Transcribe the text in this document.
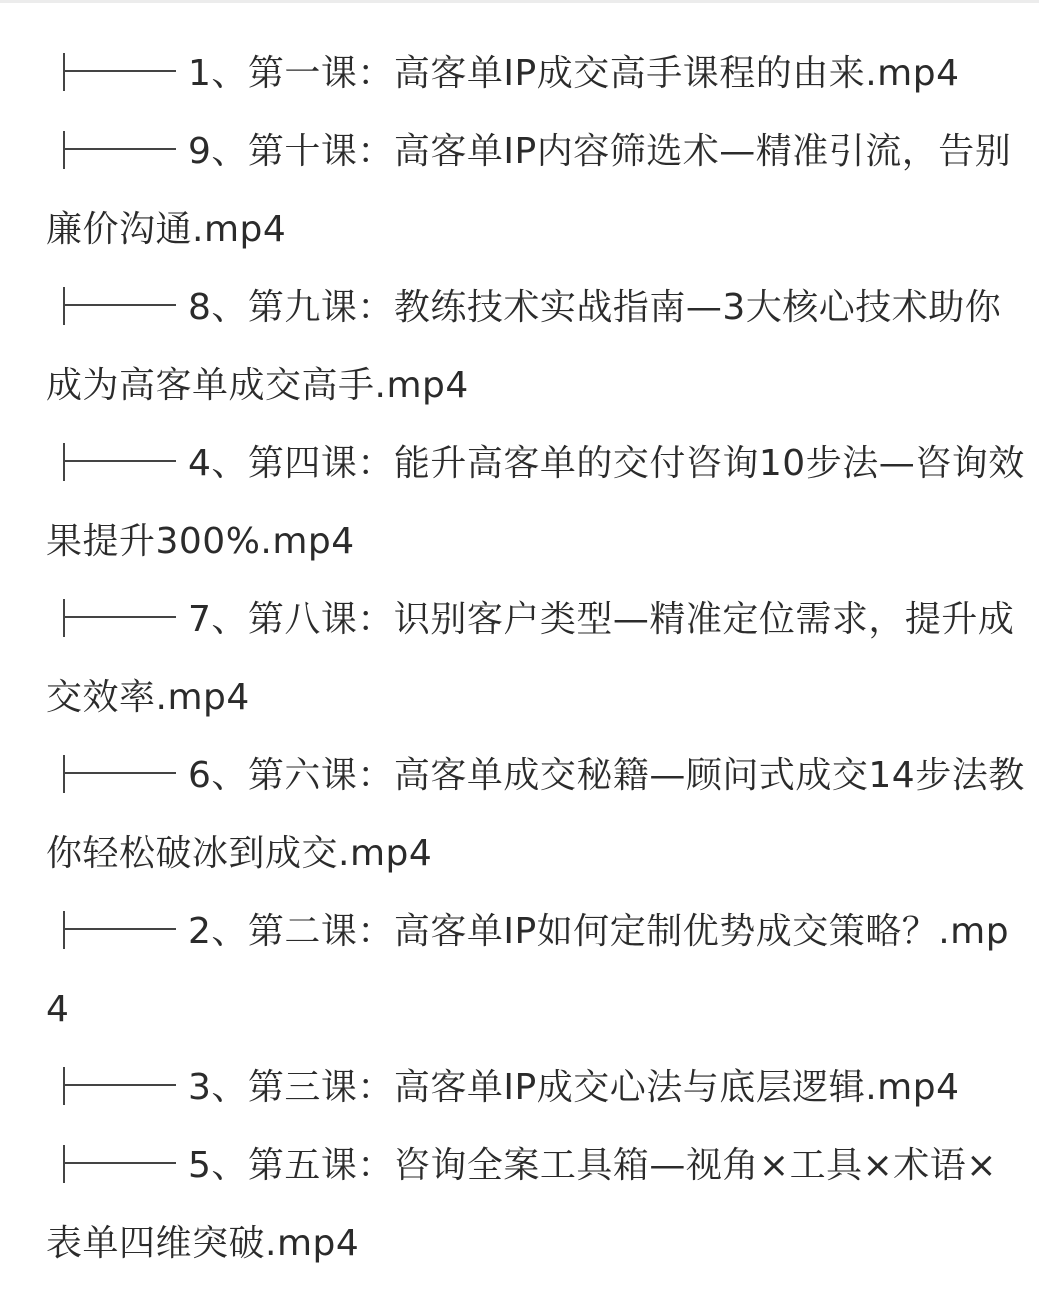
1、第一课：高客单IP成交高手课程的由来.mp4
9、第十课：高客单IP内容筛选术—精准引流，告别廉价沟通.mp4
8、第九课：教练技术实战指南—3大核心技术助你成为高客单成交高手.mp4
4、第四课：能升高客单的交付咨询10步法—咨询效果提升300%.mp4
7、第八课：识别客户类型—精准定位需求，提升成交效率.mp4
6、第六课：高客单成交秘籍—顾问式成交14步法教你轻松破冰到成交.mp4
2、第二课：高客单IP如何定制优势成交策略？.mp4
3、第三课：高客单IP成交心法与底层逻辑.mp4
5、第五课：咨询全案工具箱—视角×工具×术语×表单四维突破.mp4
